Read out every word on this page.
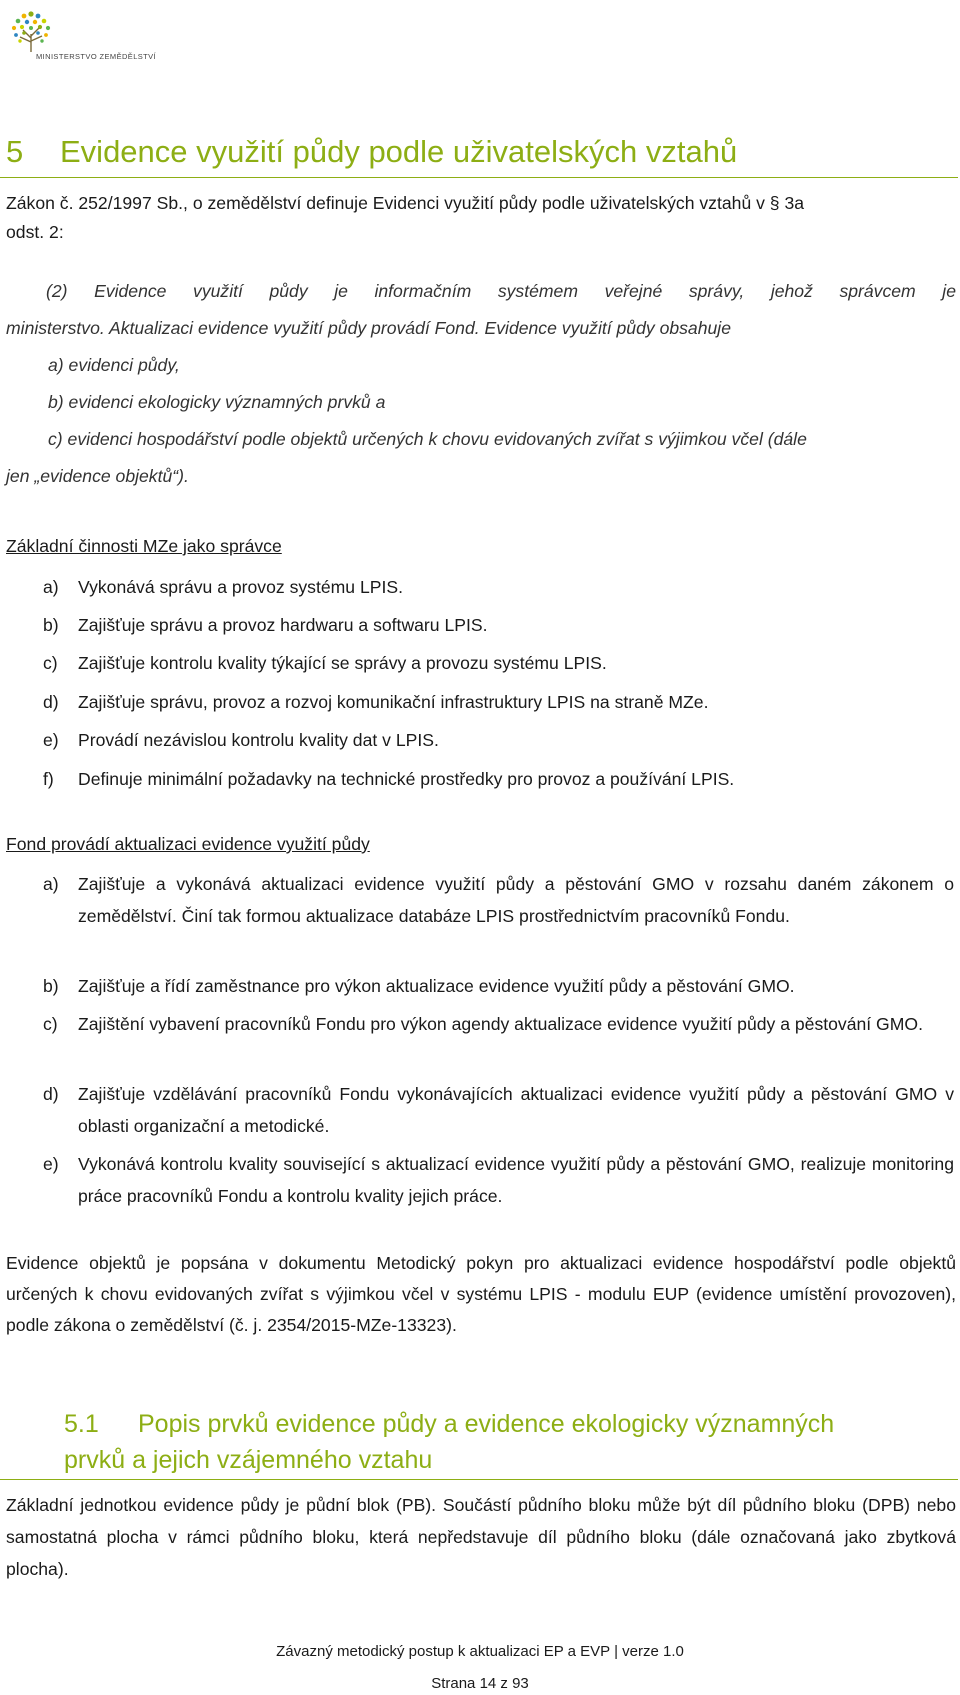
MINISTERSTVO ZEMĚDĚLSTVÍ
5 Evidence využití půdy podle uživatelských vztahů
Zákon č. 252/1997 Sb., o zemědělství definuje Evidenci využití půdy podle uživatelských vztahů v § 3a
odst. 2:
(2) Evidence využití půdy je informačním systémem veřejné správy, jehož správcem je
ministerstvo. Aktualizaci evidence využití půdy provádí Fond. Evidence využití půdy obsahuje
a) evidenci půdy,
b) evidenci ekologicky významných prvků a
c) evidenci hospodářství podle objektů určených k chovu evidovaných zvířat s výjimkou včel (dále
jen „evidence objektů“).
Základní činnosti MZe jako správce
a) Vykonává správu a provoz systému LPIS.
b) Zajišťuje správu a provoz hardwaru a softwaru LPIS.
c) Zajišťuje kontrolu kvality týkající se správy a provozu systému LPIS.
d) Zajišťuje správu, provoz a rozvoj komunikační infrastruktury LPIS na straně MZe.
e) Provádí nezávislou kontrolu kvality dat v LPIS.
f) Definuje minimální požadavky na technické prostředky pro provoz a používání LPIS.
Fond provádí aktualizaci evidence využití půdy
a) Zajišťuje a vykonává aktualizaci evidence využití půdy a pěstování GMO v rozsahu daném zákonem o zemědělství. Činí tak formou aktualizace databáze LPIS prostřednictvím pracovníků Fondu.
b) Zajišťuje a řídí zaměstnance pro výkon aktualizace evidence využití půdy a pěstování GMO.
c) Zajištění vybavení pracovníků Fondu pro výkon agendy aktualizace evidence využití půdy a pěstování GMO.
d) Zajišťuje vzdělávání pracovníků Fondu vykonávajících aktualizaci evidence využití půdy a pěstování GMO v oblasti organizační a metodické.
e) Vykonává kontrolu kvality související s aktualizací evidence využití půdy a pěstování GMO, realizuje monitoring práce pracovníků Fondu a kontrolu kvality jejich práce.
Evidence objektů je popsána v dokumentu Metodický pokyn pro aktualizaci evidence hospodářství podle objektů určených k chovu evidovaných zvířat s výjimkou včel v systému LPIS - modulu EUP (evidence umístění provozoven), podle zákona o zemědělství (č. j. 2354/2015-MZe-13323).
5.1 Popis prvků evidence půdy a evidence ekologicky významných
prvků a jejich vzájemného vztahu
Základní jednotkou evidence půdy je půdní blok (PB). Součástí půdního bloku může být díl půdního bloku (DPB) nebo samostatná plocha v rámci půdního bloku, která nepředstavuje díl půdního bloku (dále označovaná jako zbytková plocha).
Závazný metodický postup k aktualizaci EP a EVP | verze 1.0
Strana 14 z 93
